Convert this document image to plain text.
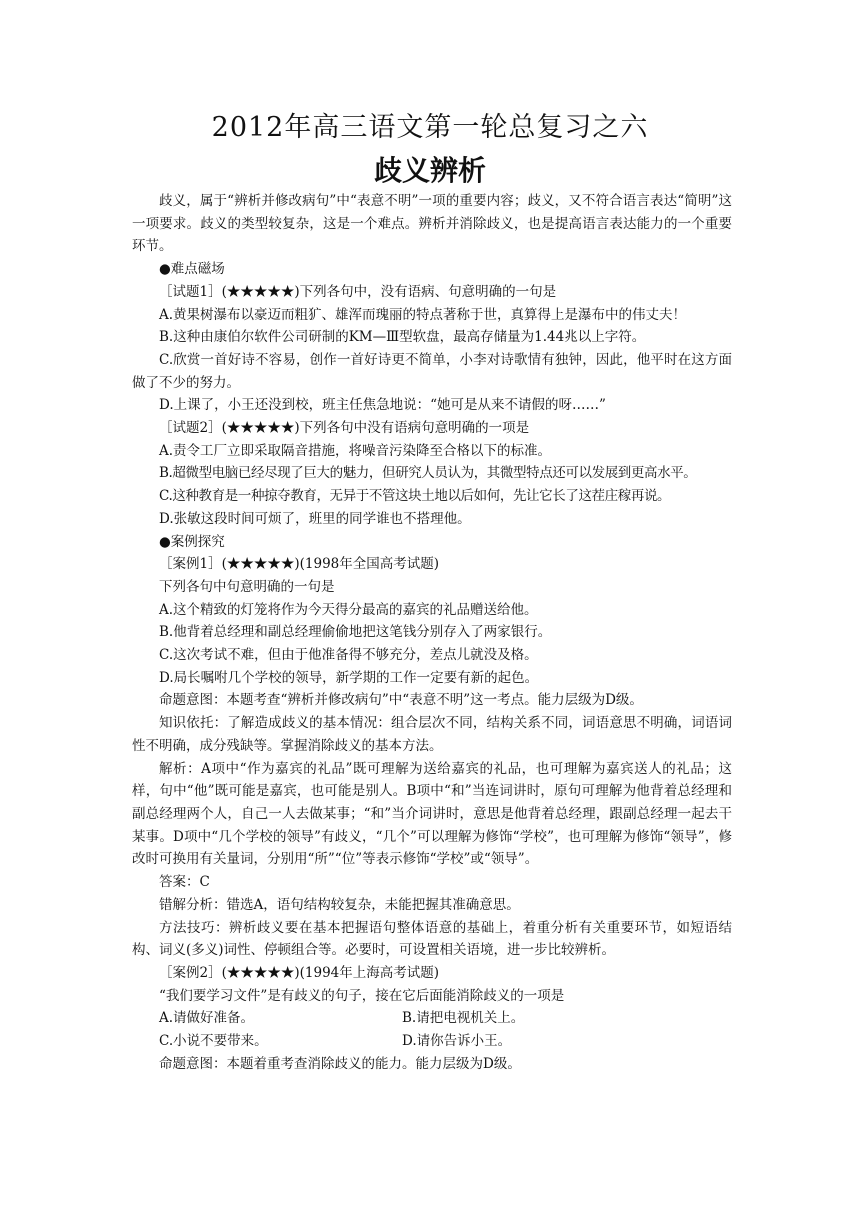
2012年高三语文第一轮总复习之六
歧义辨析

歧义，属于“辨析并修改病句”中“表意不明”一项的重要内容；歧义，又不符合语言表达“简明”这一项要求。歧义的类型较复杂，这是一个难点。辨析并消除歧义，也是提高语言表达能力的一个重要环节。

●难点磁场

［试题1］(★★★★★)下列各句中，没有语病、句意明确的一句是

A.黄果树瀑布以豪迈而粗犷、雄浑而瑰丽的特点著称于世，真算得上是瀑布中的伟丈夫！

B.这种由康伯尔软件公司研制的KM—Ⅲ型软盘，最高存储量为1.44兆以上字符。

C.欣赏一首好诗不容易，创作一首好诗更不简单，小李对诗歌情有独钟，因此，他平时在这方面做了不少的努力。

D.上课了，小王还没到校，班主任焦急地说：“她可是从来不请假的呀……”

［试题2］(★★★★★)下列各句中没有语病句意明确的一项是

A.责令工厂立即采取隔音措施，将噪音污染降至合格以下的标准。

B.超微型电脑已经尽现了巨大的魅力，但研究人员认为，其微型特点还可以发展到更高水平。

C.这种教育是一种掠夺教育，无异于不管这块土地以后如何，先让它长了这茬庄稼再说。

D.张敏这段时间可烦了，班里的同学谁也不搭理他。

●案例探究

［案例1］(★★★★★)(1998年全国高考试题)

下列各句中句意明确的一句是

A.这个精致的灯笼将作为今天得分最高的嘉宾的礼品赠送给他。

B.他背着总经理和副总经理偷偷地把这笔钱分别存入了两家银行。

C.这次考试不难，但由于他准备得不够充分，差点儿就没及格。

D.局长嘱咐几个学校的领导，新学期的工作一定要有新的起色。

命题意图：本题考查“辨析并修改病句”中“表意不明”这一考点。能力层级为D级。

知识依托：了解造成歧义的基本情况：组合层次不同，结构关系不同，词语意思不明确，词语词性不明确，成分残缺等。掌握消除歧义的基本方法。

解析：A项中“作为嘉宾的礼品”既可理解为送给嘉宾的礼品，也可理解为嘉宾送人的礼品；这样，句中“他”既可能是嘉宾，也可能是别人。B项中“和”当连词讲时，原句可理解为他背着总经理和副总经理两个人，自己一人去做某事；“和”当介词讲时，意思是他背着总经理，跟副总经理一起去干某事。D项中“几个学校的领导”有歧义，“几个”可以理解为修饰“学校”，也可理解为修饰“领导”，修改时可换用有关量词，分别用“所”“位”等表示修饰“学校”或“领导”。

答案：C

错解分析：错选A，语句结构较复杂，未能把握其准确意思。

方法技巧：辨析歧义要在基本把握语句整体语意的基础上，着重分析有关重要环节，如短语结构、词义(多义)词性、停顿组合等。必要时，可设置相关语境，进一步比较辨析。

［案例2］(★★★★★)(1994年上海高考试题)

“我们要学习文件”是有歧义的句子，接在它后面能消除歧义的一项是

A.请做好准备。	B.请把电视机关上。
C.小说不要带来。	D.请你告诉小王。

命题意图：本题着重考查消除歧义的能力。能力层级为D级。
